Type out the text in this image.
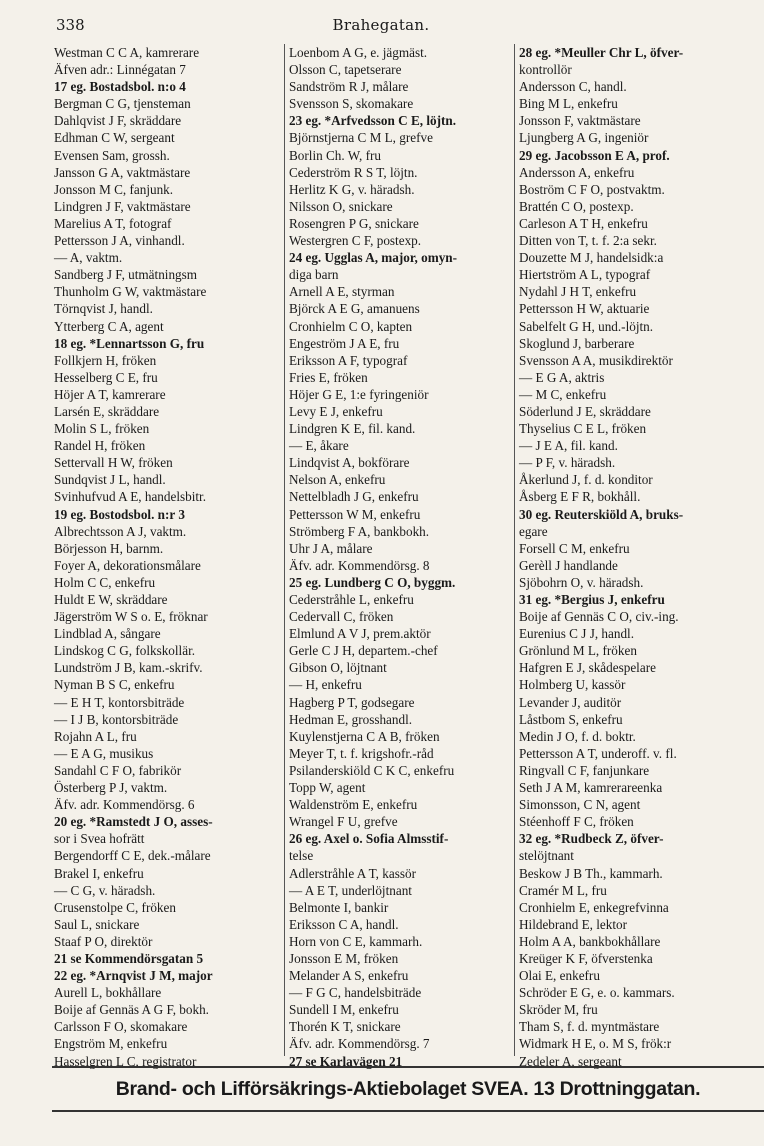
338	Brahegatan.
Westman C C A, kamrerare
Äfven adr.: Linnégatan 7
17 eg. Bostadsbol. n:o 4
Bergman C G, tjensteman
Dahlqvist J F, skräddare
Edhman C W, sergeant
Evensen Sam, grossh.
Jansson G A, vaktmästare
Jonsson M C, fanjunk.
Lindgren J F, vaktmästare
Marelius A T, fotograf
Pettersson J A, vinhandl.
— A, vaktm.
Sandberg J F, utmätningsm
Thunholm G W, vaktmästare
Törnqvist J, handl.
Ytterberg C A, agent
18 eg. *Lennartsson G, fru
Follkjern H, fröken
Hesselberg C E, fru
Höjer A T, kamrerare
Larsén E, skräddare
Molin S L, fröken
Randel H, fröken
Settervall H W, fröken
Sundqvist J L, handl.
Svinhufvud A E, handelsbitr.
19 eg. Bostodsbol. n:r 3
Albrechtsson A J, vaktm.
Börjesson H, barnm.
Foyer A, dekorationsmålare
Holm C C, enkefru
Huldt E W, skräddare
Jägerström W S o. E, fröknar
Lindblad A, sångare
Lindskog C G, folkskollär.
Lundström J B, kam.-skrifv.
Nyman B S C, enkefru
— E H T, kontorsbiträde
— I J B, kontorsbiträde
Rojahn A L, fru
— E A G, musikus
Sandahl C F O, fabrikör
Österberg P J, vaktm.
Äfv. adr. Kommendörsg. 6
20 eg. *Ramstedt J O, asses-
sor i Svea hofrätt
Bergendorff C E, dek.-målare
Brakel I, enkefru
— C G, v. häradsh.
Crusenstolpe C, fröken
Saul L, snickare
Staaf P O, direktör
21 se Kommendörsgatan 5
22 eg. *Arnqvist J M, major
Aurell L, bokhållare
Boije af Gennäs A G F, bokh.
Carlsson F O, skomakare
Engström M, enkefru
Hasselgren L C, registrator
Loenbom A G, e. jägmäst.
Olsson C, tapetserare
Sandström R J, målare
Svensson S, skomakare
23 eg. *Arfvedsson C E, löjtn.
Björnstjerna C M L, grefve
Borlin Ch. W, fru
Cederström R S T, löjtn.
Herlitz K G, v. häradsh.
Nilsson O, snickare
Rosengren P G, snickare
Westergren C F, postexp.
24 eg. Ugglas A, major, omyn-
diga barn
Arnell A E, styrman
Björck A E G, amanuens
Cronhielm C O, kapten
Engeström J A E, fru
Eriksson A F, typograf
Fries E, fröken
Höjer G E, 1:e fyringeniör
Levy E J, enkefru
Lindgren K E, fil. kand.
— E, åkare
Lindqvist A, bokförare
Nelson A, enkefru
Nettelbladh J G, enkefru
Pettersson W M, enkefru
Strömberg F A, bankbokh.
Uhr J A, målare
Äfv. adr. Kommendörsg. 8
25 eg. Lundberg C O, byggm.
Cederstråhle L, enkefru
Cedervall C, fröken
Elmlund A V J, prem.aktör
Gerle C J H, departem.-chef
Gibson O, löjtnant
— H, enkefru
Hagberg P T, godsegare
Hedman E, grosshandl.
Kuylenstjerna C A B, fröken
Meyer T, t. f. krigshofr.-råd
Psilanderskiöld C K C, enkefru
Topp W, agent
Waldenström E, enkefru
Wrangel F U, grefve
26 eg. Axel o. Sofia Almsstif-
telse
Adlerstråhle A T, kassör
— A E T, underlöjtnant
Belmonte I, bankir
Eriksson C A, handl.
Horn von C E, kammarh.
Jonsson E M, fröken
Melander A S, enkefru
— F G C, handelsbiträde
Sundell I M, enkefru
Thorén K T, snickare
Äfv. adr. Kommendörsg. 7
27 se Karlavägen 21
28 eg. *Meuller Chr L, öfver-
kontrollör
Andersson C, handl.
Bing M L, enkefru
Jonsson F, vaktmästare
Ljungberg A G, ingeniör
29 eg. Jacobsson E A, prof.
Andersson A, enkefru
Boström C F O, postvaktm.
Brattén C O, postexp.
Carleson A T H, enkefru
Ditten von T, t. f. 2:a sekr.
Douzette M J, handelsidk:a
Hiertström A L, typograf
Nydahl J H T, enkefru
Pettersson H W, aktuarie
Sabelfelt G H, und.-löjtn.
Skoglund J, barberare
Svensson A A, musikdirektör
— E G A, aktris
— M C, enkefru
Söderlund J E, skräddare
Thyselius C E L, fröken
— J E A, fil. kand.
— P F, v. häradsh.
Åkerlund J, f. d. konditor
Åsberg E F R, bokhåll.
30 eg. Reuterskiöld A, bruks-
egare
Forsell C M, enkefru
Gerèll J handlande
Sjöbohrn O, v. häradsh.
31 eg. *Bergius J, enkefru
Boije af Gennäs C O, civ.-ing.
Eurenius C J J, handl.
Grönlund M L, fröken
Hafgren E J, skådespelare
Holmberg U, kassör
Levander J, auditör
Låstbom S, enkefru
Medin J O, f. d. boktr.
Pettersson A T, underoff. v. fl.
Ringvall C F, fanjunkare
Seth J A M, kamrerareenka
Simonsson, C N, agent
Stéenhoff F C, fröken
32 eg. *Rudbeck Z, öfver-
stelöjtnant
Beskow J B Th., kammarh.
Cramér M L, fru
Cronhielm E, enkegrefvinna
Hildebrand E, lektor
Holm A A, bankbokhållare
Kreüger K F, öfverstenka
Olai E, enkefru
Schröder E G, e. o. kammars.
Skröder M, fru
Tham S, f. d. myntmästare
Widmark H E, o. M S, frök:r
Zedeler A, sergeant
Brand- och Lifförsäkrings-Aktiebolaget SVEA. 13 Drottninggatan.
